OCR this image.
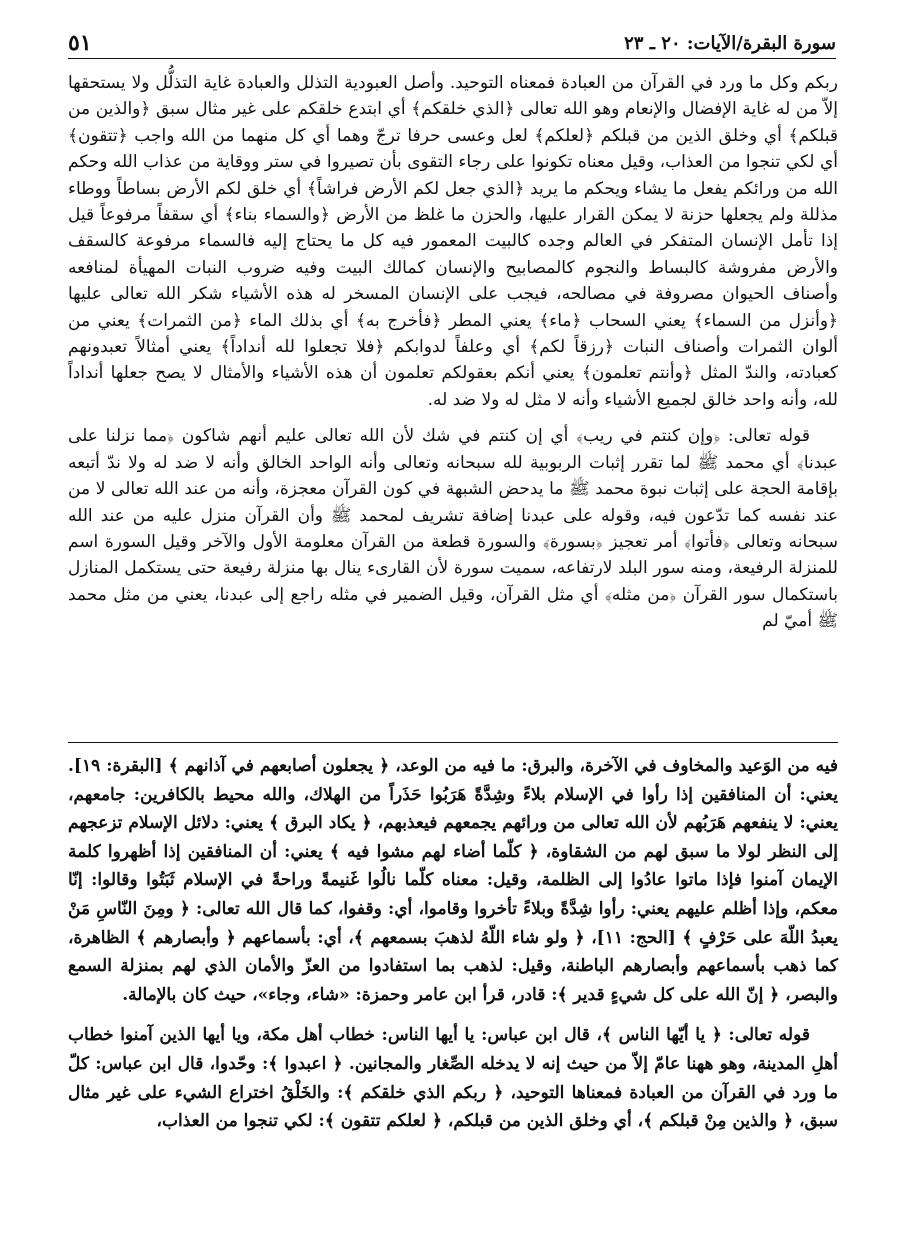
سورة البقرة/الآيات: ٢٠ ـ ٢٣
٥١

ربكم وكل ما ورد في القرآن من العبادة فمعناه التوحيد. وأصل العبودية التذلل والعبادة غاية التذلُّل ولا يستحقها إلاّ من له غاية الإفضال والإنعام وهو الله تعالى ﴿الذي خلقكم﴾ أي ابتدع خلقكم على غير مثال سبق ﴿والذين من قبلكم﴾ أي وخلق الذين من قبلكم ﴿لعلكم﴾ لعل وعسى حرفا ترجّ وهما أي كل منهما من الله واجب ﴿تتقون﴾ أي لكي تنجوا من العذاب، وقيل معناه تكونوا على رجاء التقوى بأن تصيروا في ستر ووقاية من عذاب الله وحكم الله من ورائكم يفعل ما يشاء ويحكم ما يريد ﴿الذي جعل لكم الأرض فراشاً﴾ أي خلق لكم الأرض بساطاً ووطاء مذللة ولم يجعلها حزنة لا يمكن القرار عليها، والحزن ما غلظ من الأرض ﴿والسماء بناء﴾ أي سقفاً مرفوعاً قيل إذا تأمل الإنسان المتفكر في العالم وجده كالبيت المعمور فيه كل ما يحتاج إليه فالسماء مرفوعة كالسقف والأرض مفروشة كالبساط والنجوم كالمصابيح والإنسان كمالك البيت وفيه ضروب النبات المهيأة لمنافعه وأصناف الحيوان مصروفة في مصالحه، فيجب على الإنسان المسخر له هذه الأشياء شكر الله تعالى عليها ﴿وأنزل من السماء﴾ يعني السحاب ﴿ماء﴾ يعني المطر ﴿فأخرج به﴾ أي بذلك الماء ﴿من الثمرات﴾ يعني من ألوان الثمرات وأصناف النبات ﴿رزقاً لكم﴾ أي وعلفاً لدوابكم ﴿فلا تجعلوا لله أنداداً﴾ يعني أمثالاً تعبدونهم كعبادته، والندّ المثل ﴿وأنتم تعلمون﴾ يعني أنكم بعقولكم تعلمون أن هذه الأشياء والأمثال لا يصح جعلها أنداداً لله، وأنه واحد خالق لجميع الأشياء وأنه لا مثل له ولا ضد له.

قوله تعالى: ﴿وإن كنتم في ريب﴾ أي إن كنتم في شك لأن الله تعالى عليم أنهم شاكون ﴿مما نزلنا على عبدنا﴾ أي محمد ﷺ لما تقرر إثبات الربوبية لله سبحانه وتعالى وأنه الواحد الخالق وأنه لا ضد له ولا ندّ أتبعه بإقامة الحجة على إثبات نبوة محمد ﷺ ما يدحض الشبهة في كون القرآن معجزة، وأنه من عند الله تعالى لا من عند نفسه كما تدّعون فيه، وقوله على عبدنا إضافة تشريف لمحمد ﷺ وأن القرآن منزل عليه من عند الله سبحانه وتعالى ﴿فأتوا﴾ أمر تعجيز ﴿بسورة﴾ والسورة قطعة من القرآن معلومة الأول والآخر وقيل السورة اسم للمنزلة الرفيعة، ومنه سور البلد لارتفاعه، سميت سورة لأن القارىء ينال بها منزلة رفيعة حتى يستكمل المنازل باستكمال سور القرآن ﴿من مثله﴾ أي مثل القرآن، وقيل الضمير في مثله راجع إلى عبدنا، يعني من مثل محمد ﷺ أميّ لم

فيه من الوَعيد والمخاوف في الآخرة، والبرق: ما فيه من الوعد، ﴿ يجعلون أصابعهم في آذانهم ﴾ [البقرة: ١٩]. يعني: أن المنافقين إذا رأوا في الإسلام بلاءً وشِدَّةً هَرَبُوا حَذَراً من الهلاك، والله محيط بالكافرين: جامعهم، يعني: لا ينفعهم هَرَبُهم لأن الله تعالى من ورائهم يجمعهم فيعذبهم، ﴿ يكاد البرق ﴾ يعني: دلائل الإسلام تزعجهم إلى النظر لولا ما سبق لهم من الشقاوة، ﴿ كلّما أضاء لهم مشوا فيه ﴾ يعني: أن المنافقين إذا أظهروا كلمة الإيمان آمنوا فإذا ماتوا عادُوا إلى الظلمة، وقيل: معناه كلّما نالُوا غَنيمةً وراحةً في الإسلام ثَبَتُوا وقالوا: إنّا معكم، وإذا أظلم عليهم يعني: رأوا شِدَّةً وبلاءً تأخروا وقاموا، أي: وقفوا، كما قال الله تعالى: ﴿ ومِنَ النّاسِ مَنْ يعبدُ اللّهَ على حَرْفٍ ﴾ [الحج: ١١]، ﴿ ولو شاء اللّهُ لذهبَ بسمعهم ﴾، أي: بأسماعهم ﴿ وأبصارهم ﴾ الظاهرة، كما ذهب بأسماعهم وأبصارهم الباطنة، وقيل: لذهب بما استفادوا من العزّ والأمان الذي لهم بمنزلة السمع والبصر، ﴿ إنّ الله على كل شيءٍ قدير ﴾: قادر، قرأ ابن عامر وحمزة: «شاء، وجاء»، حيث كان بالإمالة.

قوله تعالى: ﴿ يا أيّها الناس ﴾، قال ابن عباس: يا أيها الناس: خطاب أهل مكة، ويا أيها الذين آمنوا خطاب أهلِ المدينة، وهو ههنا عامّ إلاّ من حيث إنه لا يدخله الصِّغار والمجانين. ﴿ اعبدوا ﴾: وحّدوا، قال ابن عباس: كلّ ما ورد في القرآن من العبادة فمعناها التوحيد، ﴿ ربكم الذي خلقكم ﴾: والخَلْقُ اختراع الشيء على غير مثال سبق، ﴿ والذين مِنْ قبلكم ﴾، أي وخلق الذين من قبلكم، ﴿ لعلكم تتقون ﴾: لكي تنجوا من العذاب،
